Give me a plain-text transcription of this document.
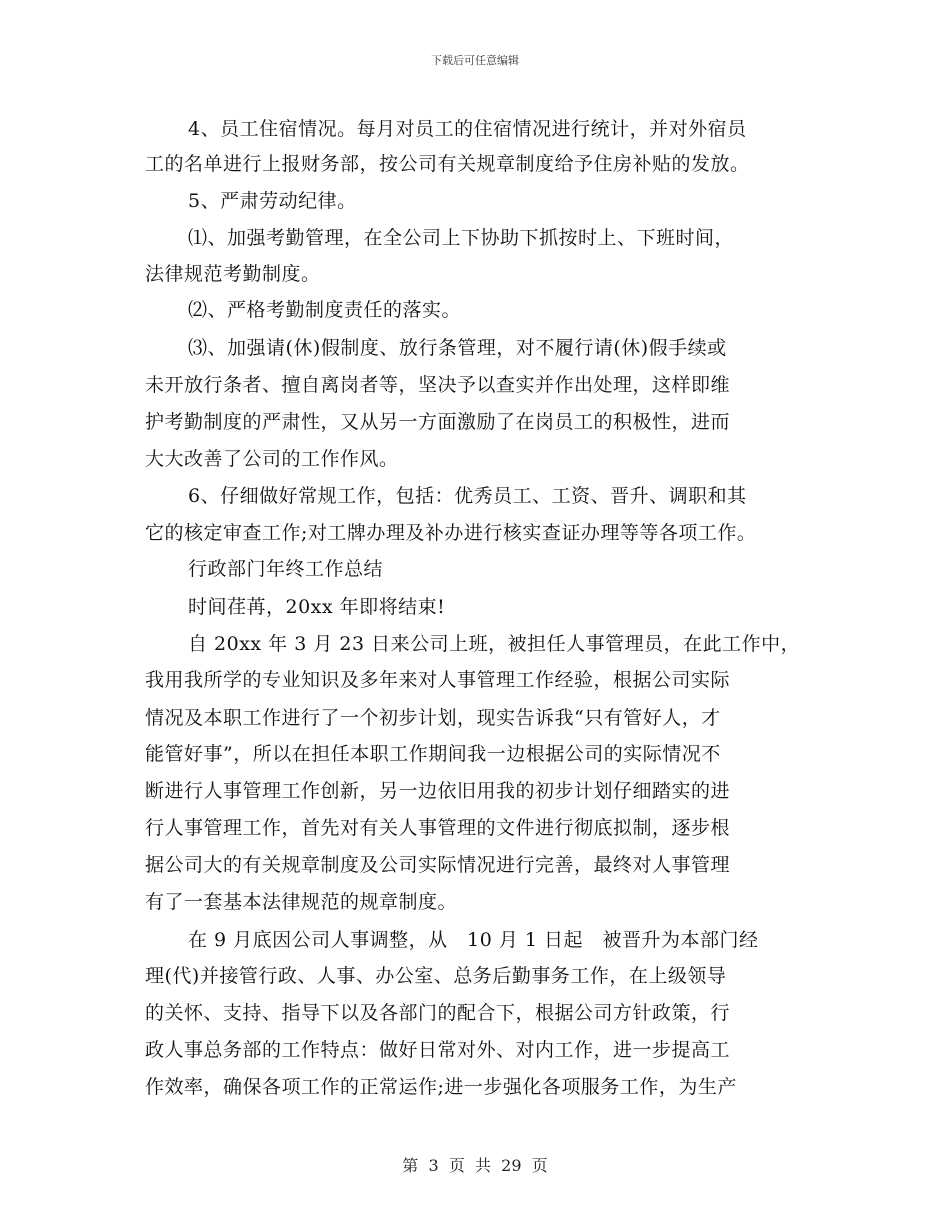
下载后可任意编辑
4、员工住宿情况。每月对员工的住宿情况进行统计，并对外宿员
工的名单进行上报财务部，按公司有关规章制度给予住房补贴的发放。
5、严肃劳动纪律。
⑴、加强考勤管理，在全公司上下协助下抓按时上、下班时间，
法律规范考勤制度。
⑵、严格考勤制度责任的落实。
⑶、加强请(休)假制度、放行条管理，对不履行请(休)假手续或
未开放行条者、擅自离岗者等，坚决予以查实并作出处理，这样即维
护考勤制度的严肃性，又从另一方面激励了在岗员工的积极性，进而
大大改善了公司的工作作风。
6、仔细做好常规工作，包括：优秀员工、工资、晋升、调职和其
它的核定审查工作;对工牌办理及补办进行核实查证办理等等各项工作。
行政部门年终工作总结
时间荏苒，20xx 年即将结束!
自 20xx 年 3 月 23 日来公司上班，被担任人事管理员，在此工作中，
我用我所学的专业知识及多年来对人事管理工作经验，根据公司实际
情况及本职工作进行了一个初步计划，现实告诉我“只有管好人，才
能管好事”，所以在担任本职工作期间我一边根据公司的实际情况不
断进行人事管理工作创新，另一边依旧用我的初步计划仔细踏实的进
行人事管理工作，首先对有关人事管理的文件进行彻底拟制，逐步根
据公司大的有关规章制度及公司实际情况进行完善，最终对人事管理
有了一套基本法律规范的规章制度。
在 9 月底因公司人事调整，从　10 月 1 日起　被晋升为本部门经
理(代)并接管行政、人事、办公室、总务后勤事务工作，在上级领导
的关怀、支持、指导下以及各部门的配合下，根据公司方针政策，行
政人事总务部的工作特点：做好日常对外、对内工作，进一步提高工
作效率，确保各项工作的正常运作;进一步强化各项服务工作，为生产
第  3  页  共  29  页
